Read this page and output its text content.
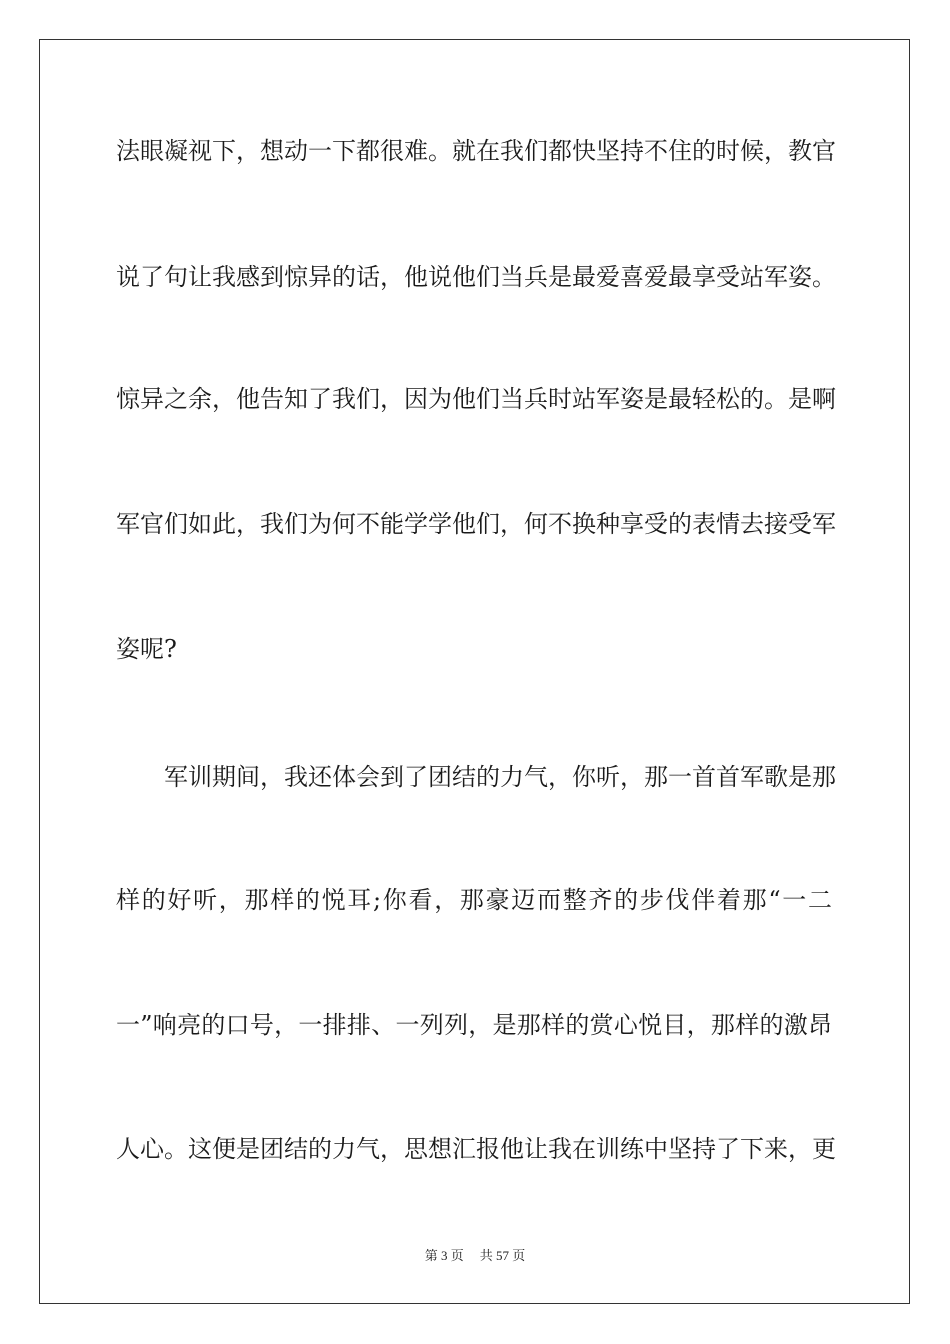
法眼凝视下，想动一下都很难。就在我们都快坚持不住的时候，教官
说了句让我感到惊异的话，他说他们当兵是最爱喜爱最享受站军姿。
惊异之余，他告知了我们，因为他们当兵时站军姿是最轻松的。是啊
军官们如此，我们为何不能学学他们，何不换种享受的表情去接受军
姿呢?
军训期间，我还体会到了团结的力气，你听，那一首首军歌是那
样的好听，那样的悦耳;你看，那豪迈而整齐的步伐伴着那“一二
一”响亮的口号，一排排、一列列，是那样的赏心悦目，那样的激昂
人心。这便是团结的力气，思想汇报他让我在训练中坚持了下来，更
第 3 页 共 57 页
